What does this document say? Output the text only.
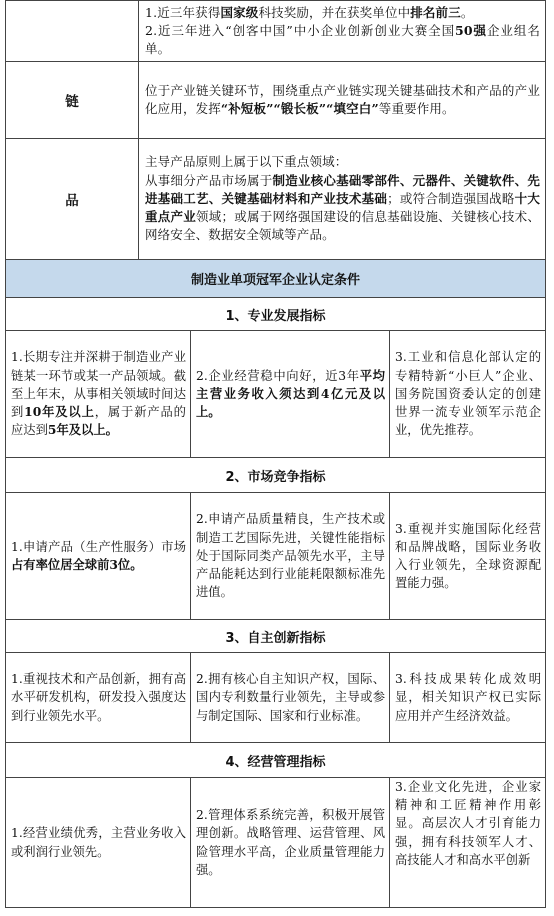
	1.近三年获得国家级科技奖励，并在获奖单位中排名前三。
2.近三年进入“创客中国”中小企业创新创业大赛全国50强企业组名单。
链	位于产业链关键环节，围绕重点产业链实现关键基础技术和产品的产业化应用，发挥“补短板”“锻长板”“填空白”等重要作用。
品	主导产品原则上属于以下重点领域：
从事细分产品市场属于制造业核心基础零部件、元器件、关键软件、先进基础工艺、关键基础材料和产业技术基础；或符合制造强国战略十大重点产业领域；或属于网络强国建设的信息基础设施、关键核心技术、网络安全、数据安全领域等产品。
制造业单项冠军企业认定条件		
1、专业发展指标		
1.长期专注并深耕于制造业产业链某一环节或某一产品领域。截至上年末，从事相关领域时间达到10年及以上，属于新产品的应达到5年及以上。	2.企业经营稳中向好，近3年平均主营业务收入须达到4亿元及以上。	3.工业和信息化部认定的专精特新“小巨人”企业、国务院国资委认定的创建世界一流专业领军示范企业，优先推荐。
2、市场竞争指标		
1.申请产品（生产性服务）市场占有率位居全球前3位。	2.申请产品质量精良，生产技术或制造工艺国际先进，关键性能指标处于国际同类产品领先水平，主导产品能耗达到行业能耗限额标准先进值。	3.重视并实施国际化经营和品牌战略，国际业务收入行业领先，全球资源配置能力强。
3、自主创新指标		
1.重视技术和产品创新，拥有高水平研发机构，研发投入强度达到行业领先水平。	2.拥有核心自主知识产权，国际、国内专利数量行业领先，主导或参与制定国际、国家和行业标准。	3.科技成果转化成效明显，相关知识产权已实际应用并产生经济效益。
4、经营管理指标		
1.经营业绩优秀，主营业务收入或利润行业领先。	2.管理体系系统完善，积极开展管理创新。战略管理、运营管理、风险管理水平高，企业质量管理能力强。	3.企业文化先进，企业家精神和工匠精神作用彰显。高层次人才引育能力强，拥有科技领军人才、高技能人才和高水平创新
